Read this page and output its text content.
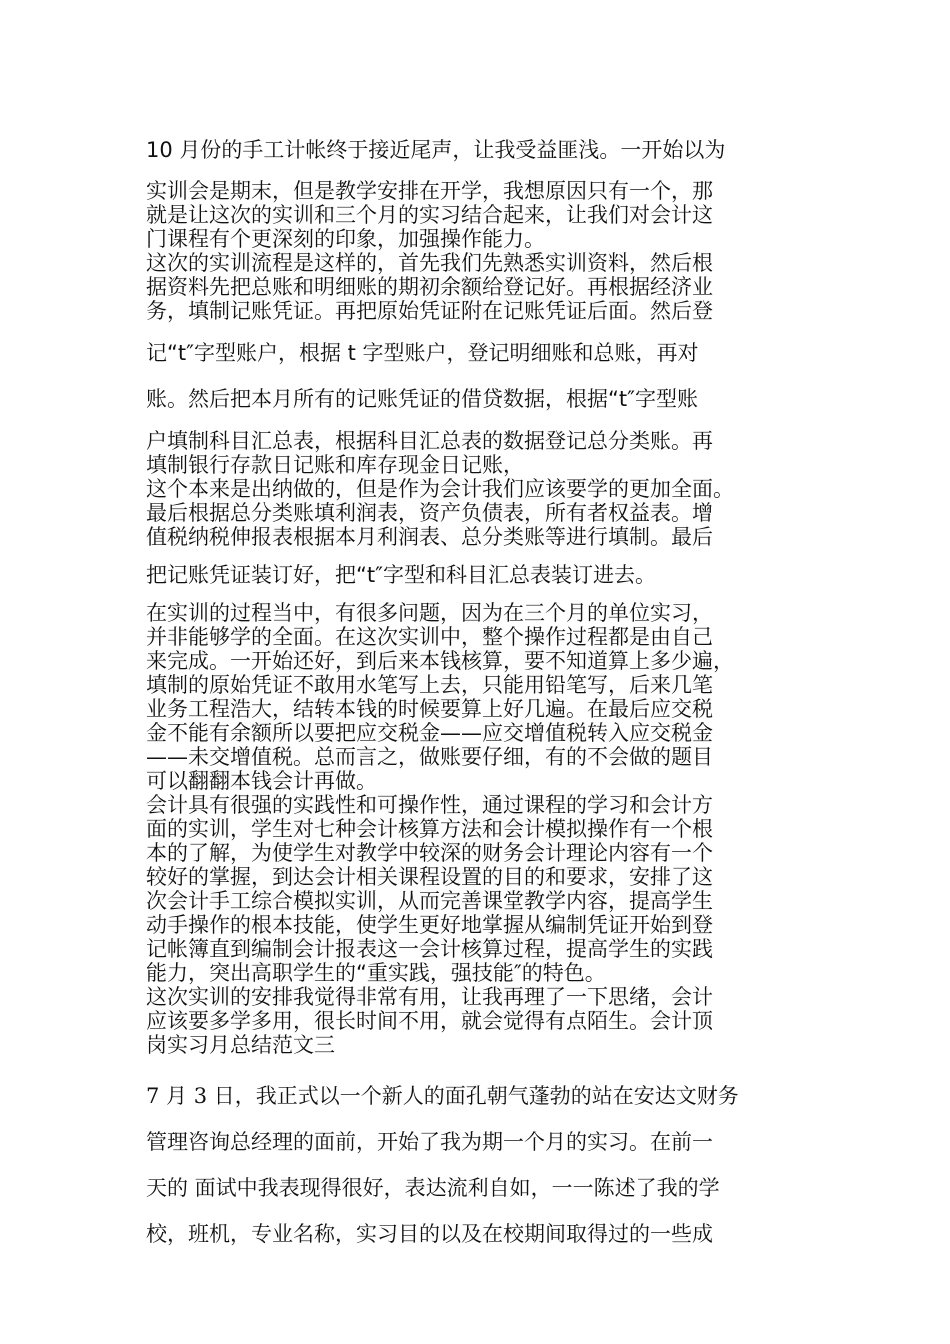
10 月份的手工计帐终于接近尾声，让我受益匪浅。一开始以为
实训会是期末，但是教学安排在开学，我想原因只有一个，那
就是让这次的实训和三个月的实习结合起来，让我们对会计这
门课程有个更深刻的印象，加强操作能力。
这次的实训流程是这样的，首先我们先熟悉实训资料，然后根
据资料先把总账和明细账的期初余额给登记好。再根据经济业
务，填制记账凭证。再把原始凭证附在记账凭证后面。然后登
记“t″字型账户，根据 t 字型账户，登记明细账和总账，再对
账。然后把本月所有的记账凭证的借贷数据，根据“t″字型账
户填制科目汇总表，根据科目汇总表的数据登记总分类账。再
填制银行存款日记账和库存现金日记账，
这个本来是出纳做的，但是作为会计我们应该要学的更加全面。
最后根据总分类账填利润表，资产负债表，所有者权益表。增
值税纳税伸报表根据本月利润表、总分类账等进行填制。最后
把记账凭证装订好，把“t″字型和科目汇总表装订进去。
在实训的过程当中，有很多问题，因为在三个月的单位实习，
并非能够学的全面。在这次实训中，整个操作过程都是由自己
来完成。一开始还好，到后来本钱核算，要不知道算上多少遍，
填制的原始凭证不敢用水笔写上去，只能用铅笔写，后来几笔
业务工程浩大，结转本钱的时候要算上好几遍。在最后应交税
金不能有余额所以要把应交税金——应交增值税转入应交税金
——未交增值税。总而言之，做账要仔细，有的不会做的题目
可以翻翻本钱会计再做。
会计具有很强的实践性和可操作性，通过课程的学习和会计方
面的实训，学生对七种会计核算方法和会计模拟操作有一个根
本的了解，为使学生对教学中较深的财务会计理论内容有一个
较好的掌握，到达会计相关课程设置的目的和要求，安排了这
次会计手工综合模拟实训，从而完善课堂教学内容，提高学生
动手操作的根本技能，使学生更好地掌握从编制凭证开始到登
记帐簿直到编制会计报表这一会计核算过程，提高学生的实践
能力，突出高职学生的“重实践，强技能″的特色。
这次实训的安排我觉得非常有用，让我再理了一下思绪，会计
应该要多学多用，很长时间不用，就会觉得有点陌生。会计顶
岗实习月总结范文三
7 月 3 日，我正式以一个新人的面孔朝气蓬勃的站在安达文财务
管理咨询总经理的面前，开始了我为期一个月的实习。在前一
天的 面试中我表现得很好，表达流利自如，一一陈述了我的学
校，班机，专业名称，实习目的以及在校期间取得过的一些成
